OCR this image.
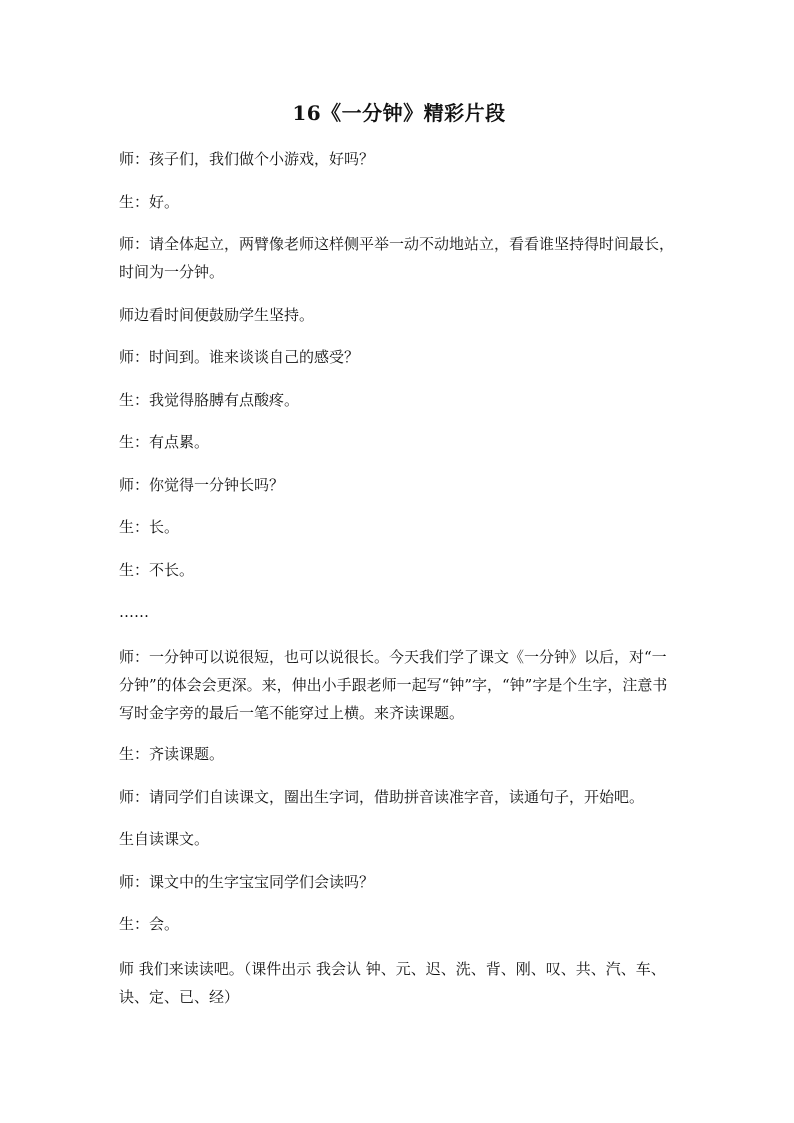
16《一分钟》精彩片段
师：孩子们，我们做个小游戏，好吗？
生：好。
师：请全体起立，两臂像老师这样侧平举一动不动地站立，看看谁坚持得时间最长，时间为一分钟。
师边看时间便鼓励学生坚持。
师：时间到。谁来谈谈自己的感受？
生：我觉得胳膊有点酸疼。
生：有点累。
师：你觉得一分钟长吗？
生：长。
生：不长。
……
师：一分钟可以说很短，也可以说很长。今天我们学了课文《一分钟》以后，对“一分钟”的体会会更深。来，伸出小手跟老师一起写“钟”字，“钟”字是个生字，注意书写时金字旁的最后一笔不能穿过上横。来齐读课题。
生：齐读课题。
师：请同学们自读课文，圈出生字词，借助拼音读准字音，读通句子，开始吧。
生自读课文。
师：课文中的生字宝宝同学们会读吗？
生：会。
师 我们来读读吧。（课件出示 我会认 钟、元、迟、洗、背、刚、叹、共、汽、车、诀、定、已、经）
